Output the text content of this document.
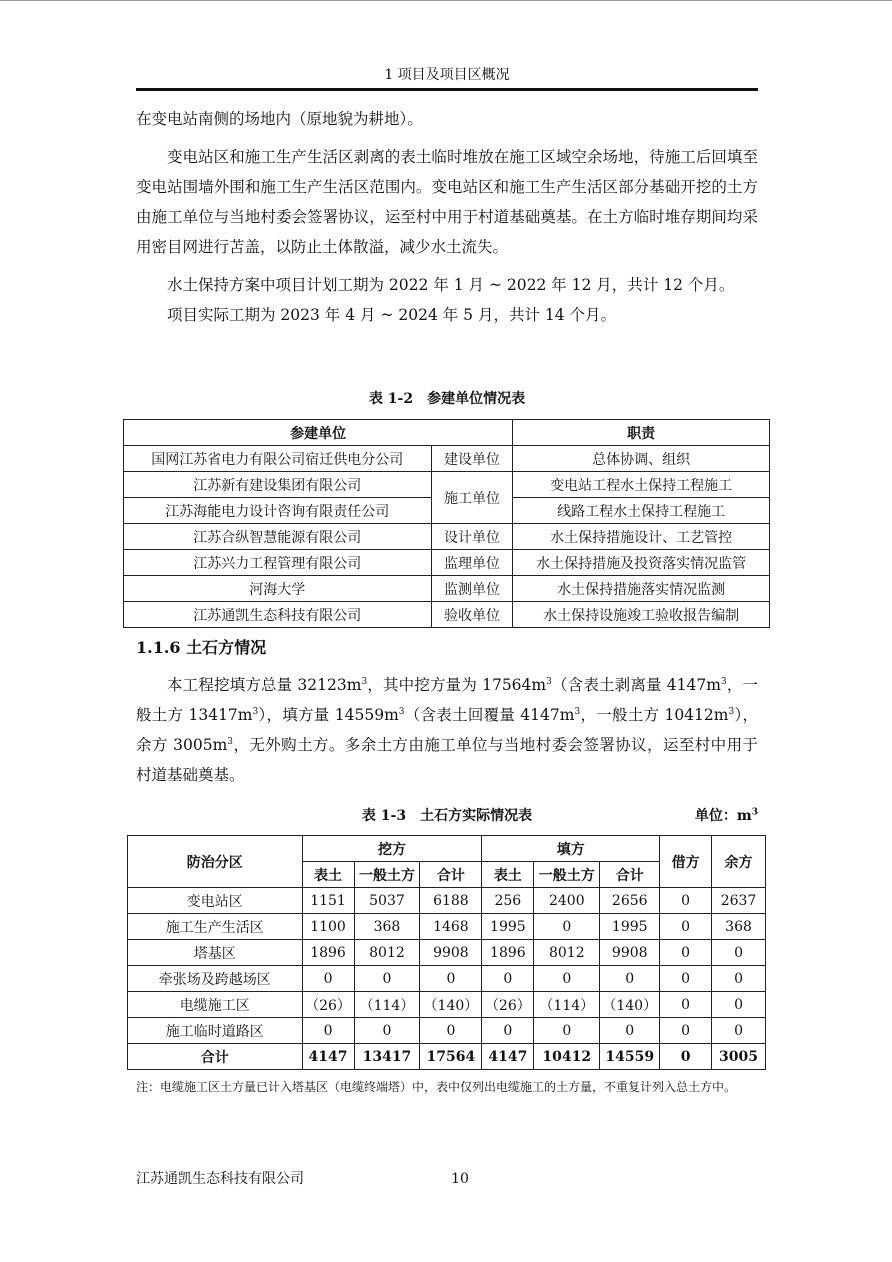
1 项目及项目区概况

在变电站南侧的场地内（原地貌为耕地）。

变电站区和施工生产生活区剥离的表土临时堆放在施工区域空余场地，待施工后回填至变电站围墙外围和施工生产生活区范围内。变电站区和施工生产生活区部分基础开挖的土方由施工单位与当地村委会签署协议，运至村中用于村道基础奠基。在土方临时堆存期间均采用密目网进行苫盖，以防止土体散溢，减少水土流失。

水土保持方案中项目计划工期为 2022 年 1 月 ~ 2022 年 12 月，共计 12 个月。

项目实际工期为 2023 年 4 月 ~ 2024 年 5 月，共计 14 个月。

表 1-2　参建单位情况表
参建单位		职责
国网江苏省电力有限公司宿迁供电分公司	建设单位	总体协调、组织
江苏新有建设集团有限公司	施工单位	变电站工程水土保持工程施工
江苏海能电力设计咨询有限责任公司		线路工程水土保持工程施工
江苏合纵智慧能源有限公司	设计单位	水土保持措施设计、工艺管控
江苏兴力工程管理有限公司	监理单位	水土保持措施及投资落实情况监管
河海大学	监测单位	水土保持措施落实情况监测
江苏通凯生态科技有限公司	验收单位	水土保持设施竣工验收报告编制
1.1.6 土石方情况

本工程挖填方总量 $32123m^3$，其中挖方量为 $17564m^3$（含表土剥离量 $4147m^3$，一般土方 $13417m^3$），填方量 $14559m^3$（含表土回覆量 $4147m^3$，一般土方 $10412m^3$），余方 $3005m^3$，无外购土方。多余土方由施工单位与当地村委会签署协议，运至村中用于村道基础奠基。

表 1-3　土石方实际情况表	单位：$m^3$
防治分区	挖方			填方			借方	余方
	表土	一般土方	合计	表土	一般土方	合计		
变电站区	1151	5037	6188	256	2400	2656	0	2637
施工生产生活区	1100	368	1468	1995	0	1995	0	368
塔基区	1896	8012	9908	1896	8012	9908	0	0
牵张场及跨越场区	0	0	0	0	0	0	0	0
电缆施工区	（26）	（114）	（140）	（26）	（114）	（140）	0	0
施工临时道路区	0	0	0	0	0	0	0	0
合计	4147	13417	17564	4147	10412	14559	0	3005
注：电缆施工区土方量已计入塔基区（电缆终端塔）中，表中仅列出电缆施工的土方量，不重复计列入总土方中。
江苏通凯生态科技有限公司	10
